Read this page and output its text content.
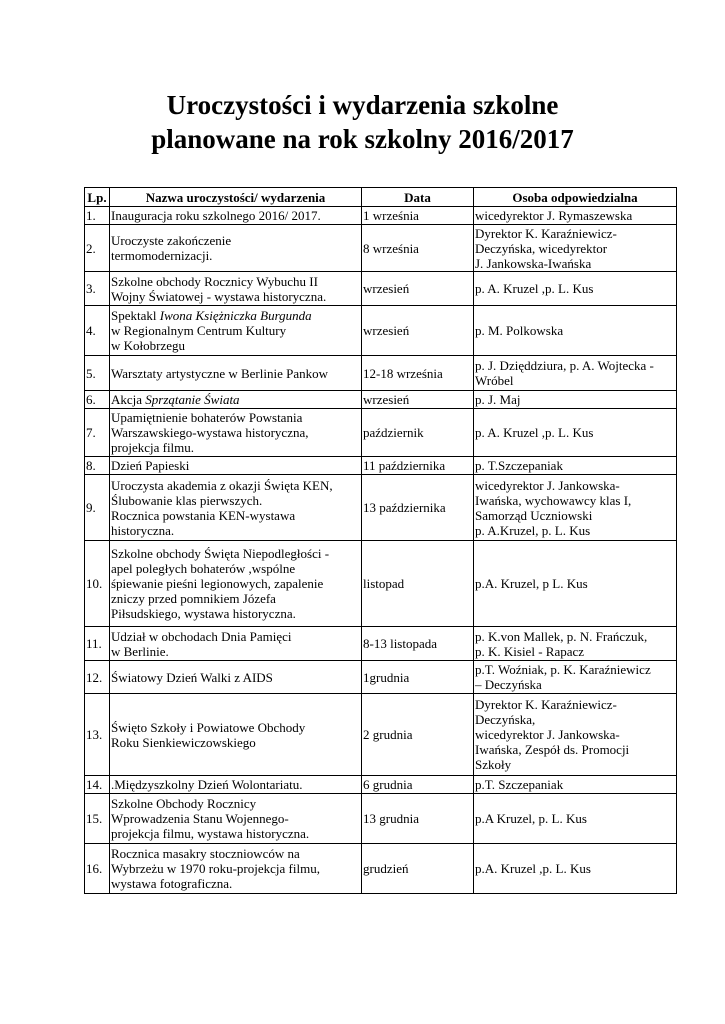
Uroczystości i wydarzenia szkolne
planowane na rok szkolny 2016/2017
Lp.	Nazwa uroczystości/ wydarzenia	Data	Osoba odpowiedzialna
1.	Inauguracja roku szkolnego 2016/ 2017.	1 września	wicedyrektor J. Rymaszewska

2.	Uroczyste zakończenie
termomodernizacji.	8 września	Dyrektor K. Karaźniewicz-
Deczyńska, wicedyrektor
J. Jankowska-Iwańska

3.	Szkolne obchody Rocznicy Wybuchu II
Wojny Światowej - wystawa historyczna.	wrzesień	p. A. Kruzel ,p. L. Kus

4.	Spektakl Iwona Księżniczka Burgunda
w Regionalnym Centrum Kultury
w Kołobrzegu	wrzesień	p. M. Polkowska

5.	Warsztaty artystyczne w Berlinie Pankow	12-18 września	p. J. Dzięddziura, p. A. Wojtecka -
Wróbel

6.	Akcja Sprzątanie Świata	wrzesień	p. J. Maj

7.	Upamiętnienie bohaterów Powstania
Warszawskiego-wystawa historyczna,
projekcja filmu.	październik	p. A. Kruzel ,p. L. Kus

8.	Dzień Papieski	11 października	p. T.Szczepaniak

9.	Uroczysta akademia z okazji Święta KEN,
Ślubowanie klas pierwszych.
Rocznica powstania KEN-wystawa
historyczna.	13 października	wicedyrektor J. Jankowska-
Iwańska, wychowawcy klas I,
Samorząd Uczniowski
p. A.Kruzel, p. L. Kus

10.	Szkolne obchody Święta Niepodległości -
apel poległych bohaterów ,wspólne
śpiewanie pieśni legionowych, zapalenie
zniczy przed pomnikiem Józefa
Piłsudskiego, wystawa historyczna.	listopad	p.A. Kruzel, p L. Kus

11.	Udział w obchodach Dnia Pamięci
w Berlinie.	8-13 listopada	p. K.von Mallek, p. N. Frańczuk,
p. K. Kisiel - Rapacz

12.	Światowy Dzień Walki z AIDS	1grudnia	p.T. Woźniak, p. K. Karaźniewicz
– Deczyńska

13.	Święto Szkoły i Powiatowe Obchody
Roku Sienkiewiczowskiego	2 grudnia	Dyrektor K. Karaźniewicz-
Deczyńska,
wicedyrektor J. Jankowska-
Iwańska, Zespół ds. Promocji
Szkoły

14.	.Międzyszkolny Dzień Wolontariatu.	6 grudnia	p.T. Szczepaniak

15.	Szkolne Obchody Rocznicy
Wprowadzenia Stanu Wojennego-
projekcja filmu, wystawa historyczna.	13 grudnia	p.A Kruzel, p. L. Kus

16.	Rocznica masakry stoczniowców na
Wybrzeżu w 1970 roku-projekcja filmu,
wystawa fotograficzna.	grudzień	p.A. Kruzel ,p. L. Kus
